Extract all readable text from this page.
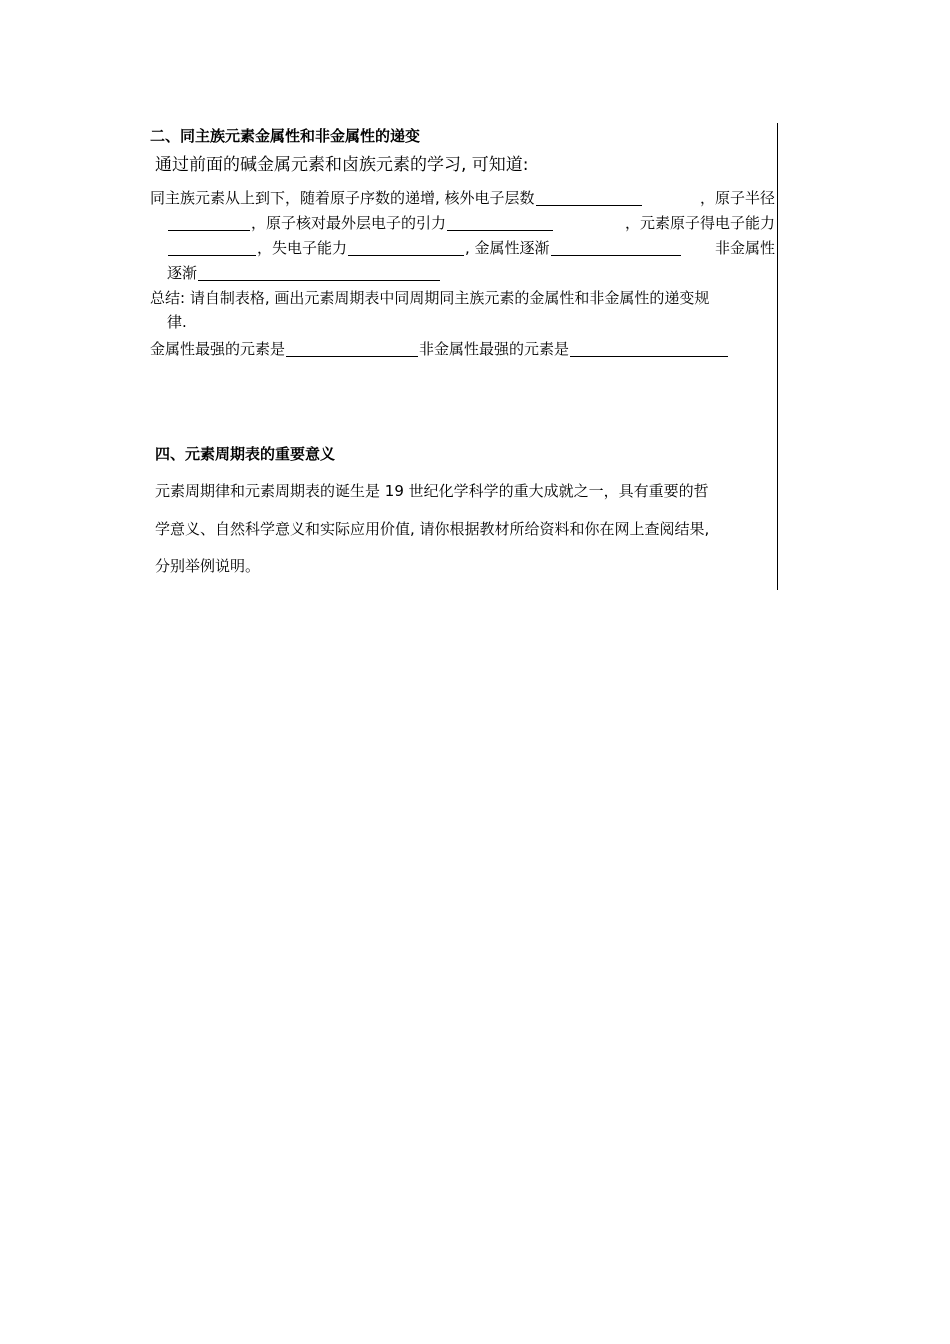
二、同主族元素金属性和非金属性的递变
通过前面的碱金属元素和卤族元素的学习, 可知道:
同主族元素从上到下，随着原子序数的递增, 核外电子层数	，原子半径
，原子核对最外层电子的引力	，元素原子得电子能力
，失电子能力	, 金属性逐渐	非金属性
逐渐
总结: 请自制表格, 画出元素周期表中同周期同主族元素的金属性和非金属性的递变规
律.
金属性最强的元素是	非金属性最强的元素是
四、元素周期表的重要意义
元素周期律和元素周期表的诞生是 19 世纪化学科学的重大成就之一，具有重要的哲
学意义、自然科学意义和实际应用价值, 请你根据教材所给资料和你在网上查阅结果,
分别举例说明。
